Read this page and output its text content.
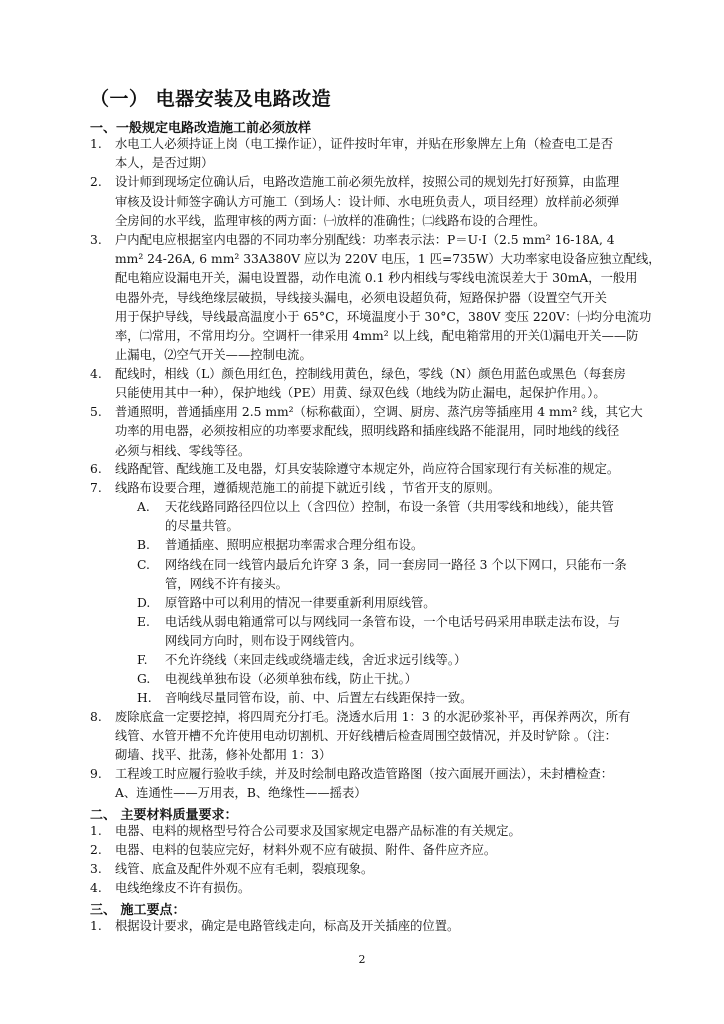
（一） 电器安装及电路改造
一、一般规定电路改造施工前必须放样
1. 水电工人必须持证上岗（电工操作证），证件按时年审，并贴在形象牌左上角（检查电工是否
本人，是否过期）
2. 设计师到现场定位确认后，电路改造施工前必须先放样，按照公司的规划先打好预算，由监理
审核及设计师签字确认方可施工（到场人：设计师、水电班负责人，项目经理）放样前必须弹
全房间的水平线，监理审核的两方面：㈠放样的准确性；㈡线路布设的合理性。
3. 户内配电应根据室内电器的不同功率分别配线：功率表示法：P＝U·I（2.5 mm² 16-18A, 4
mm² 24-26A, 6 mm² 33A380V 应以为 220V 电压，1 匹=735W）大功率家电设备应独立配线，
配电箱应设漏电开关，漏电设置器，动作电流 0.1 秒内相线与零线电流误差大于 30mA，一般用
电器外壳，导线绝缘层破损，导线接头漏电，必须电设超负荷，短路保护器（设置空气开关
用于保护导线，导线最高温度小于 65°C，环境温度小于 30°C，380V 变压 220V：㈠均分电流功
率，㈡常用，不常用均分。空调杆一律采用 4mm² 以上线，配电箱常用的开关⑴漏电开关——防
止漏电，⑵空气开关——控制电流。
4. 配线时，相线（L）颜色用红色，控制线用黄色，绿色，零线（N）颜色用蓝色或黑色（每套房
只能使用其中一种），保护地线（PE）用黄、绿双色线（地线为防止漏电，起保护作用。）。
5. 普通照明，普通插座用 2.5 mm²（标称截面），空调、厨房、蒸汽房等插座用 4 mm² 线，其它大
功率的用电器，必须按相应的功率要求配线，照明线路和插座线路不能混用，同时地线的线径
必须与相线、零线等径。
6. 线路配管、配线施工及电器，灯具安装除遵守本规定外，尚应符合国家现行有关标准的规定。
7. 线路布设要合理，遵循规范施工的前提下就近引线 ，节省开支的原则。
A. 天花线路同路径四位以上（含四位）控制，布设一条管（共用零线和地线），能共管
的尽量共管。
B. 普通插座、照明应根据功率需求合理分组布设。
C. 网络线在同一线管内最后允许穿 3 条，同一套房同一路径 3 个以下网口，只能布一条
管，网线不许有接头。
D. 原管路中可以利用的情况一律要重新利用原线管。
E. 电话线从弱电箱通常可以与网线同一条管布设，一个电话号码采用串联走法布设，与
网线同方向时，则布设于网线管内。
F. 不允许绕线（来回走线或绕墙走线，舍近求远引线等。）
G. 电视线单独布设（必须单独布线，防止干扰。）
H. 音响线尽量同管布设，前、中、后置左右线距保持一致。
8. 废除底盒一定要挖掉，将四周充分打毛。浇透水后用 1：3 的水泥砂浆补平，再保养两次，所有
线管、水管开槽不允许使用电动切割机、开好线槽后检查周围空鼓情况，并及时铲除 。（注：
砌墙、找平、批荡，修补处都用 1：3）
9. 工程竣工时应履行验收手续，并及时绘制电路改造管路图（按六面展开画法），未封槽检查：
A、连通性——万用表，B、绝缘性——摇表）
二、 主要材料质量要求：
1. 电器、电料的规格型号符合公司要求及国家规定电器产品标准的有关规定。
2. 电器、电料的包装应完好，材料外观不应有破损、附件、备件应齐应。
3. 线管、底盒及配件外观不应有毛刺，裂痕现象。
4. 电线绝缘皮不许有损伤。
三、 施工要点：
1. 根据设计要求，确定是电路管线走向，标高及开关插座的位置。
2
